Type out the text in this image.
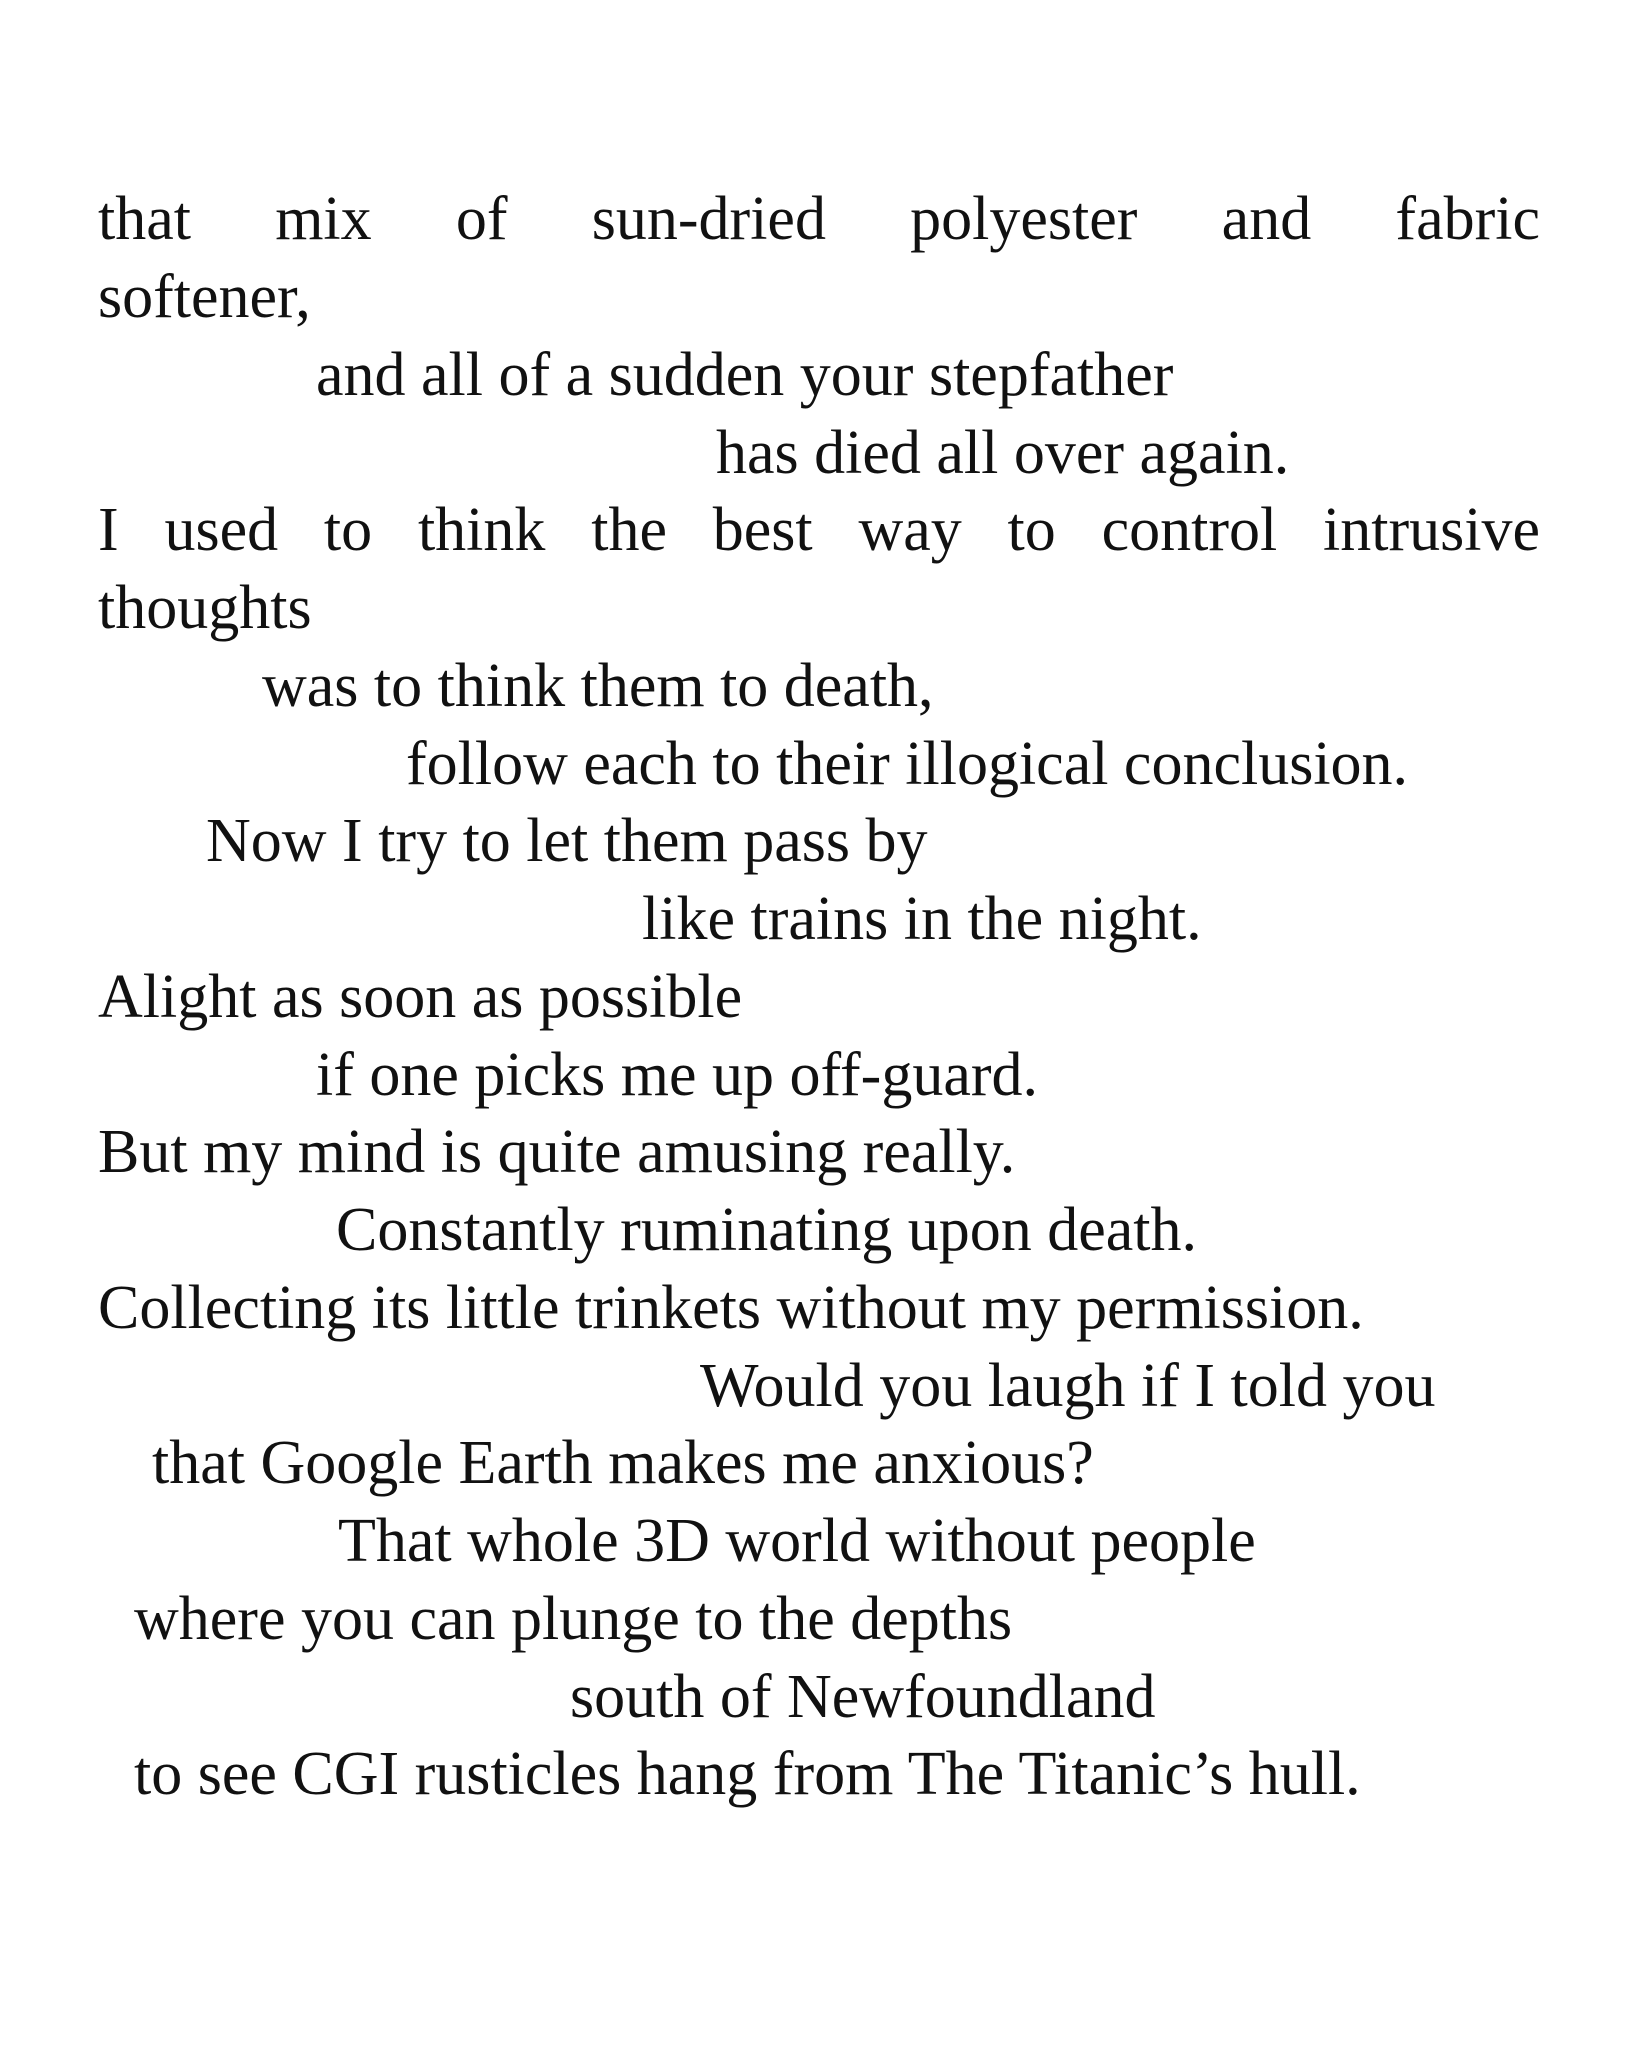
that mix of sun-dried polyester and fabric
softener,
and all of a sudden your stepfather
has died all over again.
I used to think the best way to control intrusive
thoughts
was to think them to death,
follow each to their illogical conclusion.
Now I try to let them pass by
like trains in the night.
Alight as soon as possible
if one picks me up off-guard.
But my mind is quite amusing really.
Constantly ruminating upon death.
Collecting its little trinkets without my permission.
Would you laugh if I told you
that Google Earth makes me anxious?
That whole 3D world without people
where you can plunge to the depths
south of Newfoundland
to see CGI rusticles hang from The Titanic’s hull.
